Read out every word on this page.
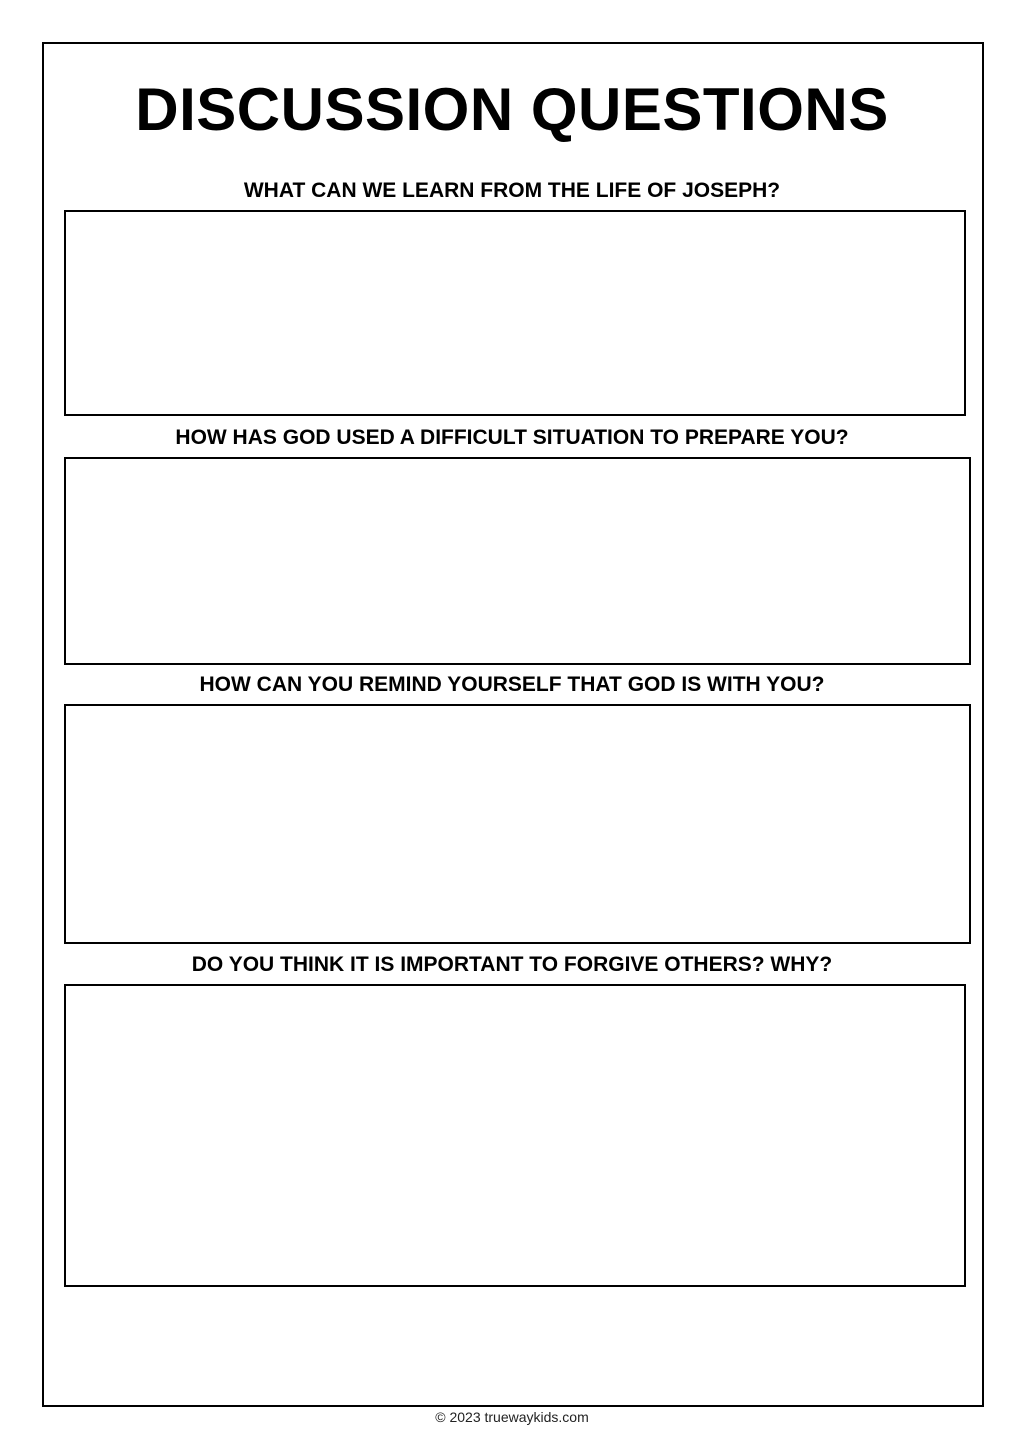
DISCUSSION QUESTIONS
WHAT CAN WE LEARN FROM THE LIFE OF JOSEPH?
HOW HAS GOD USED A DIFFICULT SITUATION TO PREPARE YOU?
HOW CAN YOU REMIND YOURSELF THAT GOD IS WITH YOU?
DO YOU THINK IT IS IMPORTANT TO FORGIVE OTHERS? WHY?
© 2023 truewaykids.com
